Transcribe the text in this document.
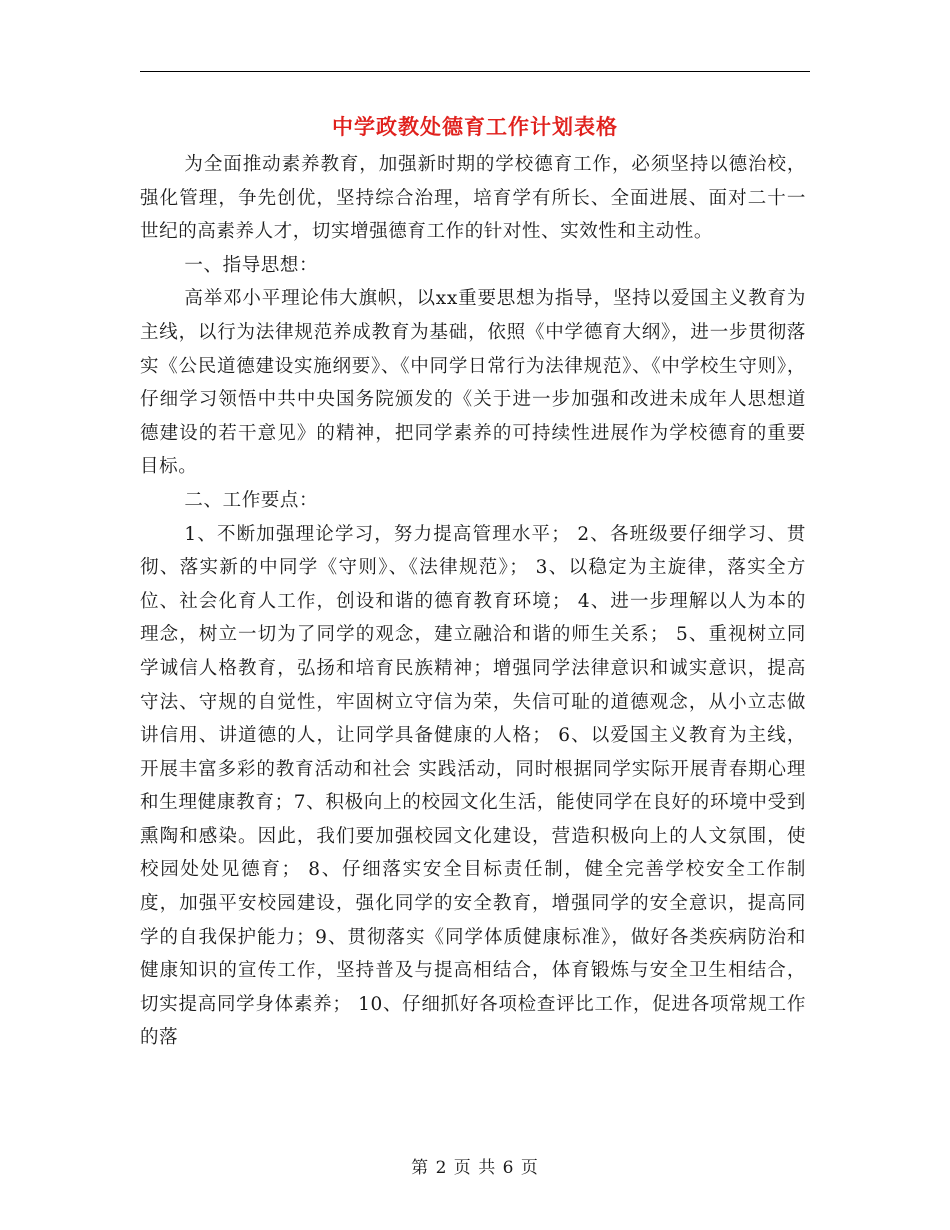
中学政教处德育工作计划表格

为全面推动素养教育，加强新时期的学校德育工作，必须坚持以德治校，强化管理，争先创优，坚持综合治理，培育学有所长、全面进展、面对二十一世纪的高素养人才，切实增强德育工作的针对性、实效性和主动性。

一、指导思想：

高举邓小平理论伟大旗帜，以xx重要思想为指导，坚持以爱国主义教育为主线，以行为法律规范养成教育为基础，依照《中学德育大纲》，进一步贯彻落实《公民道德建设实施纲要》、《中同学日常行为法律规范》、《中学校生守则》，仔细学习领悟中共中央国务院颁发的《关于进一步加强和改进未成年人思想道德建设的若干意见》的精神，把同学素养的可持续性进展作为学校德育的重要目标。

二、工作要点：

1、不断加强理论学习，努力提高管理水平； 2、各班级要仔细学习、贯彻、落实新的中同学《守则》、《法律规范》； 3、以稳定为主旋律，落实全方位、社会化育人工作，创设和谐的德育教育环境； 4、进一步理解以人为本的理念，树立一切为了同学的观念，建立融洽和谐的师生关系； 5、重视树立同学诚信人格教育，弘扬和培育民族精神；增强同学法律意识和诚实意识，提高守法、守规的自觉性，牢固树立守信为荣，失信可耻的道德观念，从小立志做讲信用、讲道德的人，让同学具备健康的人格； 6、以爱国主义教育为主线，开展丰富多彩的教育活动和社会 实践活动，同时根据同学实际开展青春期心理和生理健康教育；7、积极向上的校园文化生活，能使同学在良好的环境中受到熏陶和感染。因此，我们要加强校园文化建设，营造积极向上的人文氛围，使校园处处见德育； 8、仔细落实安全目标责任制，健全完善学校安全工作制度，加强平安校园建设，强化同学的安全教育，增强同学的安全意识，提高同学的自我保护能力；9、贯彻落实《同学体质健康标准》，做好各类疾病防治和健康知识的宣传工作，坚持普及与提高相结合，体育锻炼与安全卫生相结合，切实提高同学身体素养； 10、仔细抓好各项检查评比工作，促进各项常规工作的落

第 2 页 共 6 页
